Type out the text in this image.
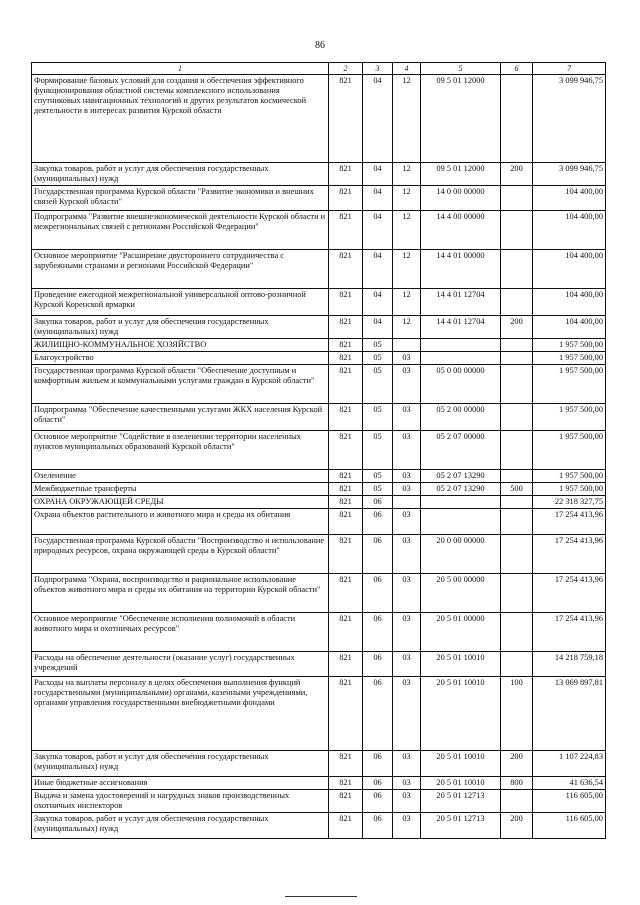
86
1	2	3	4	5	6	7
Формирование базовых условий для создания и обеспечения эффективного функционирования областной системы комплексного использования спутниковых навигационных технологий и других результатов космической деятельности в интересах развития Курской области	821	04	12	09 5 01 12000		3 099 946,75
Закупка товаров, работ и услуг для обеспечения государственных (муниципальных) нужд	821	04	12	09 5 01 12000	200	3 099 946,75
Государственная программа Курской области "Развитие экономики и внешних связей Курской области"	821	04	12	14 0 00 00000		104 400,00
Подпрограмма "Развитие внешнеэкономической деятельности Курской области и межрегиональных связей с регионами Российской Федерации"	821	04	12	14 4 00 00000		104 400,00
Основное мероприятие "Расширение двустороннего сотрудничества с зарубежными странами и регионами Российской Федерации"	821	04	12	14 4 01 00000		104 400,00
Проведение ежегодной межрегиональной универсальной оптово-розничной Курской Коренской ярмарки	821	04	12	14 4 01 12704		104 400,00
Закупка товаров, работ и услуг для обеспечения государственных (муниципальных) нужд	821	04	12	14 4 01 12704	200	104 400,00
ЖИЛИЩНО-КОММУНАЛЬНОЕ ХОЗЯЙСТВО	821	05				1 957 500,00
Благоустройство	821	05	03			1 957 500,00
Государственная программа Курской области "Обеспечение доступным и комфортным жильем и коммунальными услугами граждан в Курской области"	821	05	03	05 0 00 00000		1 957 500,00
Подпрограмма "Обеспечение качественными услугами ЖКХ населения Курской области"	821	05	03	05 2 00 00000		1 957 500,00
Основное мероприятие "Содействие в озеленении территории населенных пунктов муниципальных образований Курской области"	821	05	03	05 2 07 00000		1 957 500,00
Озеленение	821	05	03	05 2 07 13290		1 957 500,00
Межбюджетные трансферты	821	05	03	05 2 07 13290	500	1 957 500,00
ОХРАНА ОКРУЖАЮЩЕЙ СРЕДЫ	821	06				22 318 327,75
Охрана объектов растительного и животного мира и среды их обитания	821	06	03			17 254 413,96
Государственная программа Курской области "Воспроизводство и использование природных ресурсов, охрана окружающей среды в Курской области"	821	06	03	20 0 00 00000		17 254 413,96
Подпрограмма "Охрана, воспроизводство и рациональное использование объектов животного мира и среды их обитания на территории Курской области"	821	06	03	20 5 00 00000		17 254 413,96
Основное мероприятие "Обеспечение исполнения полномочий в области животного мира и охотничьих ресурсов"	821	06	03	20 5 01 00000		17 254 413,96
Расходы на обеспечение деятельности (оказание услуг) государственных учреждений	821	06	03	20 5 01 10010		14 218 759,18
Расходы на выплаты персоналу в целях обеспечения выполнения функций государственными (муниципальными) органами, казенными учреждениями, органами управления государственными внебюджетными фондами	821	06	03	20 5 01 10010	100	13 069 897,81
Закупка товаров, работ и услуг для обеспечения государственных (муниципальных) нужд	821	06	03	20 5 01 10010	200	1 107 224,83
Иные бюджетные ассигнования	821	06	03	20 5 01 10010	800	41 636,54
Выдача и замена удостоверений и нагрудных знаков производственных охотничьих инспекторов	821	06	03	20 5 01 12713		116 605,00
Закупка товаров, работ и услуг для обеспечения государственных (муниципальных) нужд	821	06	03	20 5 01 12713	200	116 605,00
